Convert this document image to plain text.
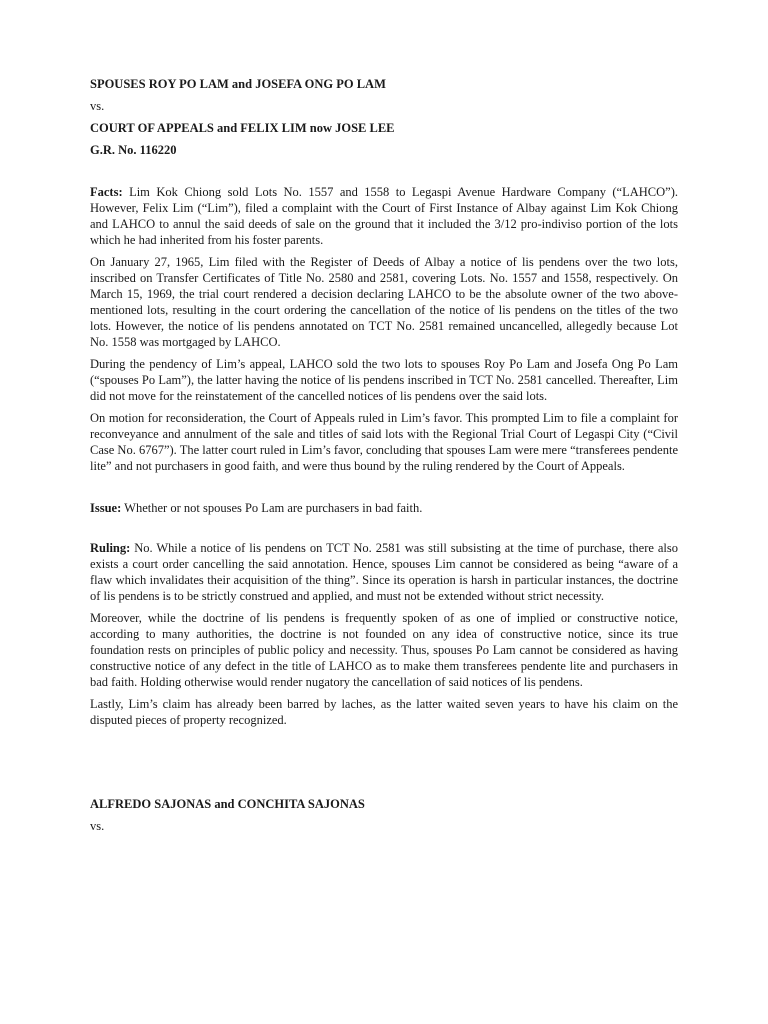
SPOUSES ROY PO LAM and JOSEFA ONG PO LAM

vs.

COURT OF APPEALS and FELIX LIM now JOSE LEE

G.R. No. 116220

Facts: Lim Kok Chiong sold Lots No. 1557 and 1558 to Legaspi Avenue Hardware Company (“LAHCO”). However, Felix Lim (“Lim”), filed a complaint with the Court of First Instance of Albay against Lim Kok Chiong and LAHCO to annul the said deeds of sale on the ground that it included the 3/12 pro-indiviso portion of the lots which he had inherited from his foster parents.

On January 27, 1965, Lim filed with the Register of Deeds of Albay a notice of lis pendens over the two lots, inscribed on Transfer Certificates of Title No. 2580 and 2581, covering Lots. No. 1557 and 1558, respectively. On March 15, 1969, the trial court rendered a decision declaring LAHCO to be the absolute owner of the two above-mentioned lots, resulting in the court ordering the cancellation of the notice of lis pendens on the titles of the two lots. However, the notice of lis pendens annotated on TCT No. 2581 remained uncancelled, allegedly because Lot No. 1558 was mortgaged by LAHCO.

During the pendency of Lim’s appeal, LAHCO sold the two lots to spouses Roy Po Lam and Josefa Ong Po Lam (“spouses Po Lam”), the latter having the notice of lis pendens inscribed in TCT No. 2581 cancelled. Thereafter, Lim did not move for the reinstatement of the cancelled notices of lis pendens over the said lots.

On motion for reconsideration, the Court of Appeals ruled in Lim’s favor. This prompted Lim to file a complaint for reconveyance and annulment of the sale and titles of said lots with the Regional Trial Court of Legaspi City (“Civil Case No. 6767”). The latter court ruled in Lim’s favor, concluding that spouses Lam were mere “transferees pendente lite” and not purchasers in good faith, and were thus bound by the ruling rendered by the Court of Appeals.

Issue: Whether or not spouses Po Lam are purchasers in bad faith.

Ruling: No. While a notice of lis pendens on TCT No. 2581 was still subsisting at the time of purchase, there also exists a court order cancelling the said annotation. Hence, spouses Lim cannot be considered as being “aware of a flaw which invalidates their acquisition of the thing”. Since its operation is harsh in particular instances, the doctrine of lis pendens is to be strictly construed and applied, and must not be extended without strict necessity.

Moreover, while the doctrine of lis pendens is frequently spoken of as one of implied or constructive notice, according to many authorities, the doctrine is not founded on any idea of constructive notice, since its true foundation rests on principles of public policy and necessity. Thus, spouses Po Lam cannot be considered as having constructive notice of any defect in the title of LAHCO as to make them transferees pendente lite and purchasers in bad faith. Holding otherwise would render nugatory the cancellation of said notices of lis pendens.

Lastly, Lim’s claim has already been barred by laches, as the latter waited seven years to have his claim on the disputed pieces of property recognized.

ALFREDO SAJONAS and CONCHITA SAJONAS

vs.
